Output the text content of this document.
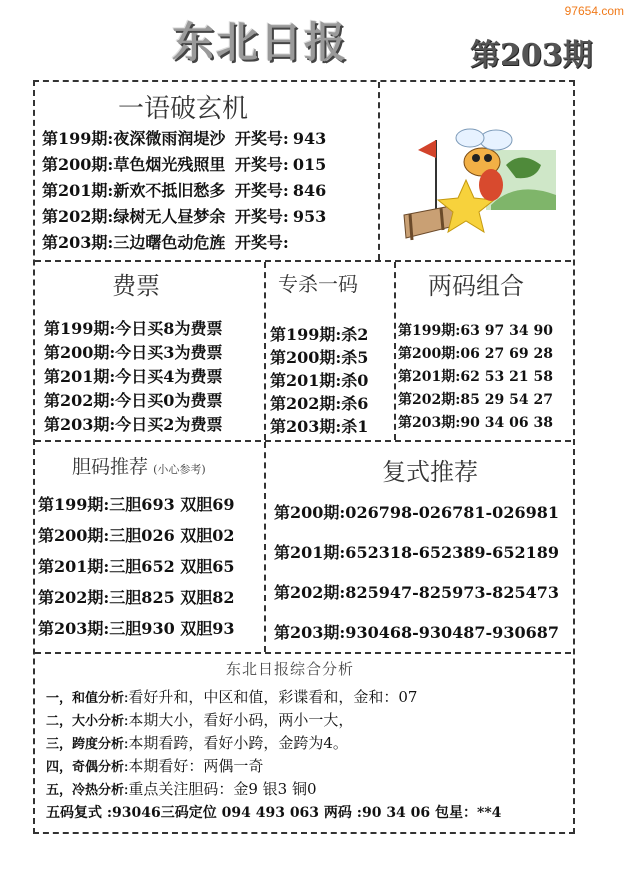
97654.com
东北日报	第203期
一语破玄机
第199期:夜深微雨润堤沙 开奖号: 943
第200期:草色烟光残照里 开奖号: 015
第201期:新欢不抵旧愁多 开奖号: 846
第202期:绿树无人昼梦余 开奖号: 953
第203期:三边曙色动危旌 开奖号:
费票	专杀一码	两码组合
第199期:今日买8为费票
第200期:今日买3为费票
第201期:今日买4为费票
第202期:今日买0为费票
第203期:今日买2为费票
第199期:杀2
第200期:杀5
第201期:杀0
第202期:杀6
第203期:杀1
第199期:63 97 34 90
第200期:06 27 69 28
第201期:62 53 21 58
第202期:85 29 54 27
第203期:90 34 06 38
胆码推荐 (小心参考)	复式推荐
第199期:三胆693 双胆69
第200期:三胆026 双胆02
第201期:三胆652 双胆65
第202期:三胆825 双胆82
第203期:三胆930 双胆93
第200期:026798-026781-026981
第201期:652318-652389-652189
第202期:825947-825973-825473
第203期:930468-930487-930687
东北日报综合分析
一，和值分析:看好升和，中区和值，彩谍看和，金和：07
二，大小分析:本期大小，看好小码，两小一大，
三，跨度分析:本期看跨，看好小跨，金跨为4。
四，奇偶分析:本期看好：两偶一奇
五，冷热分析:重点关注胆码：金9 银3 铜0
五码复式 :93046三码定位 094 493 063 两码 :90 34 06 包星：**4
